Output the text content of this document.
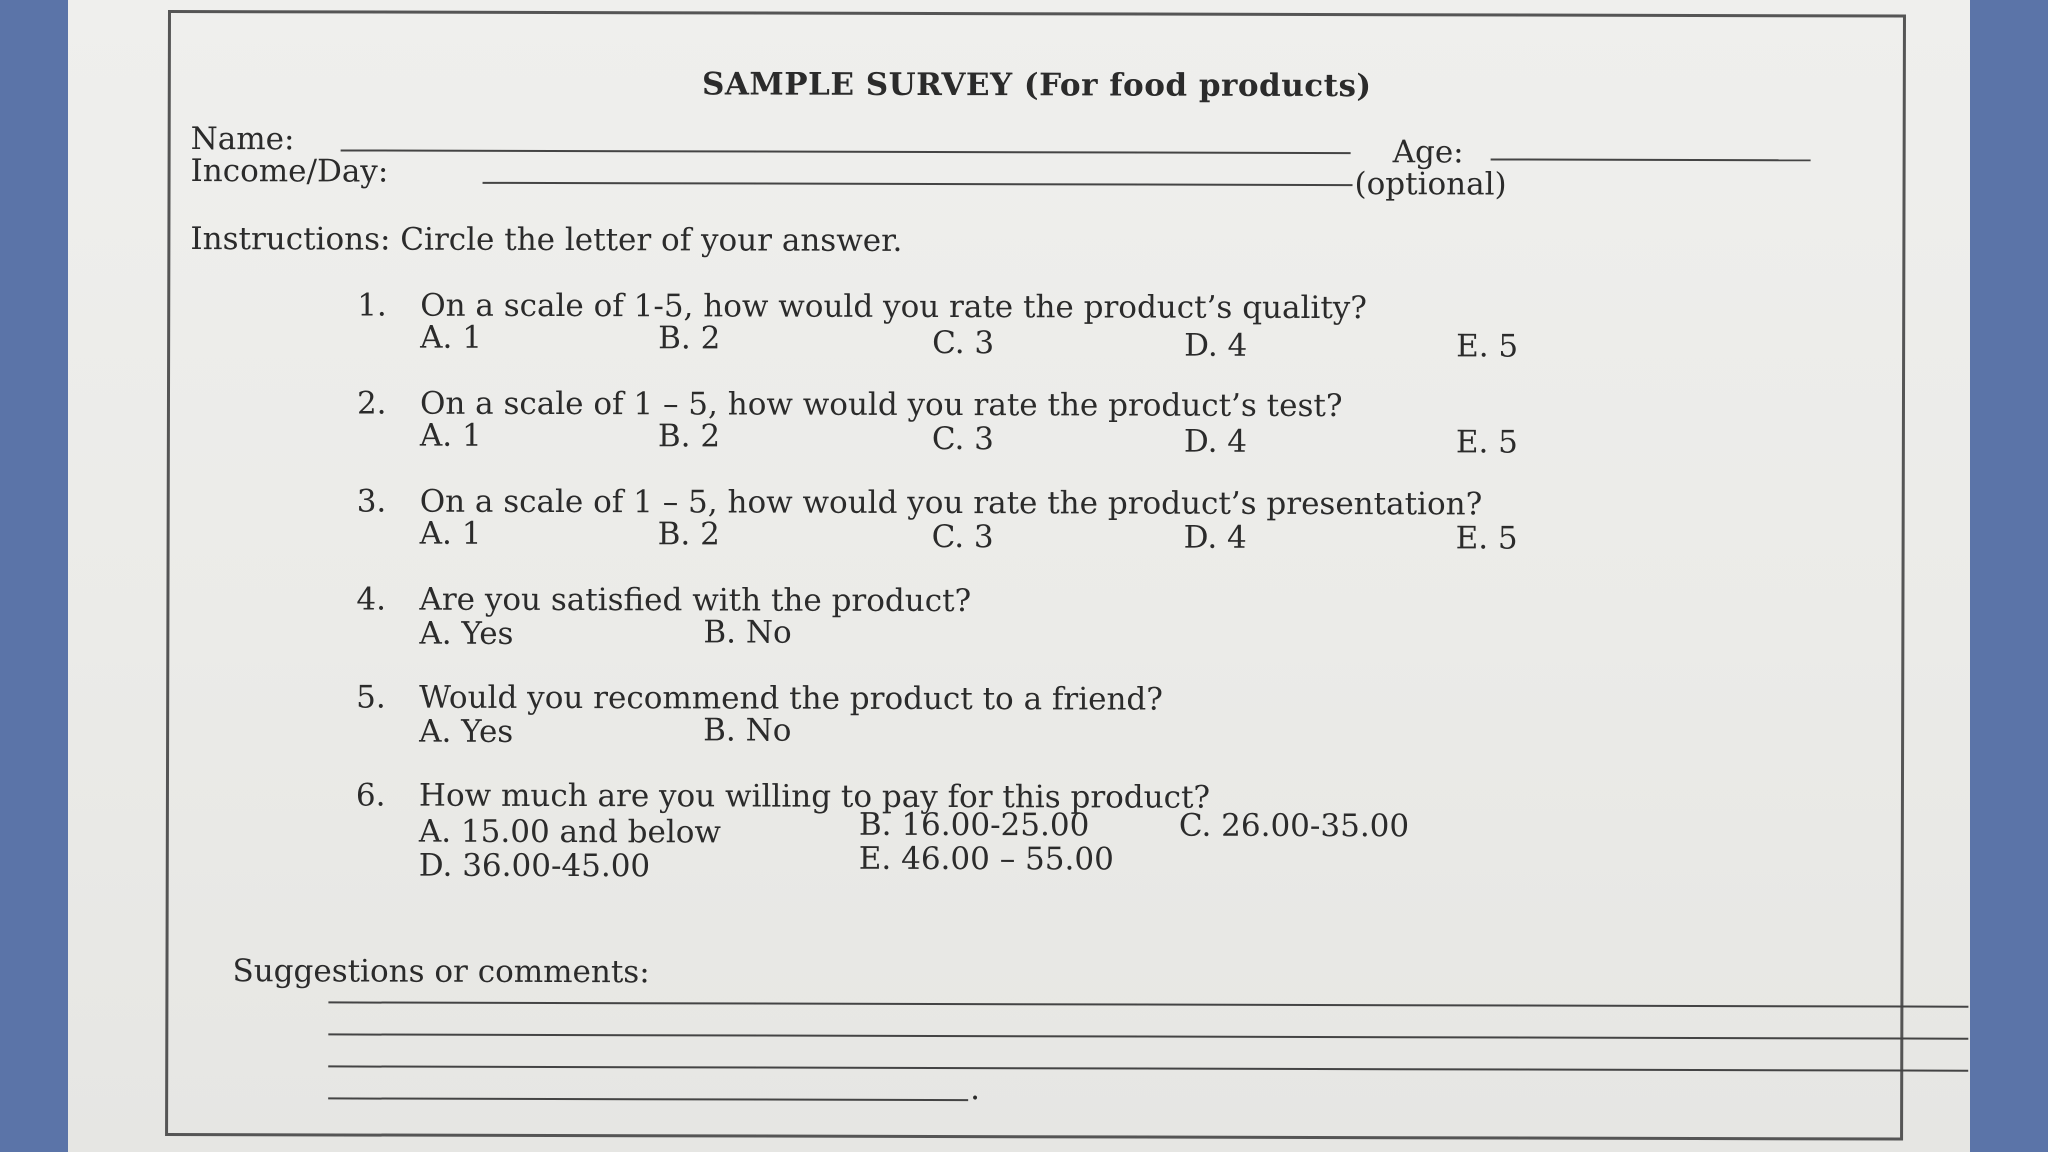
SAMPLE SURVEY (For food products)
Name:	Age:
Income/Day:	(optional)
Instructions: Circle the letter of your answer.
1. On a scale of 1-5, how would you rate the product’s quality?
A. 1	B. 2	C. 3	D. 4	E. 5
2. On a scale of 1 – 5, how would you rate the product’s test?
A. 1	B. 2	C. 3	D. 4	E. 5
3. On a scale of 1 – 5, how would you rate the product’s presentation?
A. 1	B. 2	C. 3	D. 4	E. 5
4. Are you satisfied with the product?
A. Yes	B. No
5. Would you recommend the product to a friend?
A. Yes	B. No
6. How much are you willing to pay for this product?
A. 15.00 and below	B. 16.00-25.00	C. 26.00-35.00
D. 36.00-45.00	E. 46.00 – 55.00
Suggestions or comments:
.
